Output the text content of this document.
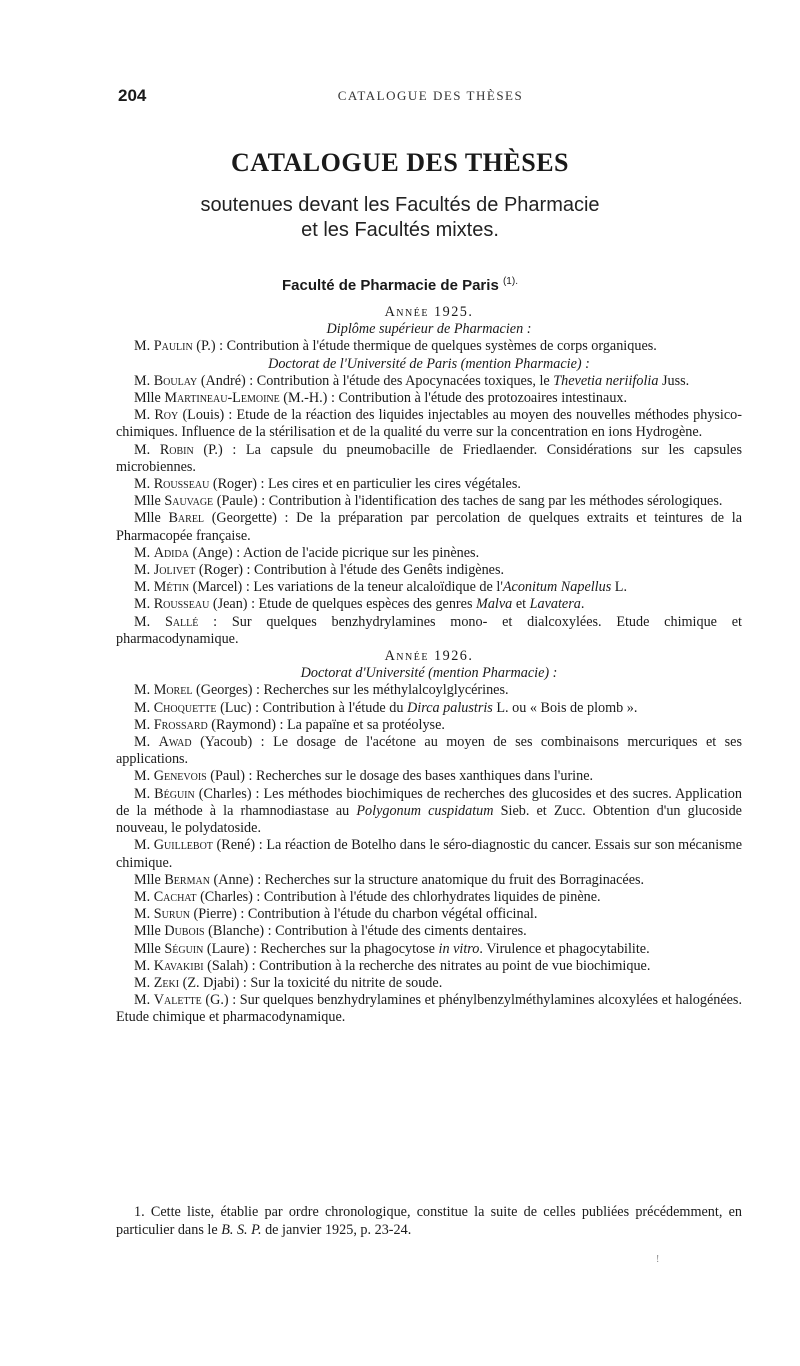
204	CATALOGUE DES THÈSES
CATALOGUE DES THÈSES
soutenues devant les Facultés de Pharmacie
et les Facultés mixtes.
Faculté de Pharmacie de Paris $^{(1).}$

Année 1925.

Diplôme supérieur de Pharmacien :

M. Paulin (P.) : Contribution à l'étude thermique de quelques systèmes de corps organiques.

Doctorat de l'Université de Paris (mention Pharmacie) :

M. Boulay (André) : Contribution à l'étude des Apocynacées toxiques, le Thevetia neriifolia Juss.

Mlle Martineau-Lemoine (M.-H.) : Contribution à l'étude des protozoaires intestinaux.

M. Roy (Louis) : Etude de la réaction des liquides injectables au moyen des nouvelles méthodes physico-chimiques. Influence de la stérilisation et de la qualité du verre sur la concentration en ions Hydrogène.

M. Robin (P.) : La capsule du pneumobacille de Friedlaender. Considérations sur les capsules microbiennes.

M. Rousseau (Roger) : Les cires et en particulier les cires végétales.

Mlle Sauvage (Paule) : Contribution à l'identification des taches de sang par les méthodes sérologiques.

Mlle Barel (Georgette) : De la préparation par percolation de quelques extraits et teintures de la Pharmacopée française.

M. Adida (Ange) : Action de l'acide picrique sur les pinènes.

M. Jolivet (Roger) : Contribution à l'étude des Genêts indigènes.

M. Métin (Marcel) : Les variations de la teneur alcaloïdique de l'Aconitum Napellus L.

M. Rousseau (Jean) : Etude de quelques espèces des genres Malva et Lavatera.

M. Sallé : Sur quelques benzhydrylamines mono- et dialcoxylées. Etude chimique et pharmacodynamique.

Année 1926.

Doctorat d'Université (mention Pharmacie) :

M. Morel (Georges) : Recherches sur les méthylalcoylglycérines.

M. Choquette (Luc) : Contribution à l'étude du Dirca palustris L. ou « Bois de plomb ».

M. Frossard (Raymond) : La papaïne et sa protéolyse.

M. Awad (Yacoub) : Le dosage de l'acétone au moyen de ses combinaisons mercuriques et ses applications.

M. Genevois (Paul) : Recherches sur le dosage des bases xanthiques dans l'urine.

M. Béguin (Charles) : Les méthodes biochimiques de recherches des glucosides et des sucres. Application de la méthode à la rhamnodiastase au Polygonum cuspidatum Sieb. et Zucc. Obtention d'un glucoside nouveau, le polydatoside.

M. Guillebot (René) : La réaction de Botelho dans le séro-diagnostic du cancer. Essais sur son mécanisme chimique.

Mlle Berman (Anne) : Recherches sur la structure anatomique du fruit des Borraginacées.

M. Cachat (Charles) : Contribution à l'étude des chlorhydrates liquides de pinène.

M. Surun (Pierre) : Contribution à l'étude du charbon végétal officinal.

Mlle Dubois (Blanche) : Contribution à l'étude des ciments dentaires.

Mlle Séguin (Laure) : Recherches sur la phagocytose in vitro. Virulence et phagocytabilite.

M. Kavakibi (Salah) : Contribution à la recherche des nitrates au point de vue biochimique.

M. Zeki (Z. Djabi) : Sur la toxicité du nitrite de soude.

M. Valette (G.) : Sur quelques benzhydrylamines et phénylbenzylméthylamines alcoxylées et halogénées. Etude chimique et pharmacodynamique.

1. Cette liste, établie par ordre chronologique, constitue la suite de celles publiées précédemment, en particulier dans le B. S. P. de janvier 1925, p. 23-24.
!
